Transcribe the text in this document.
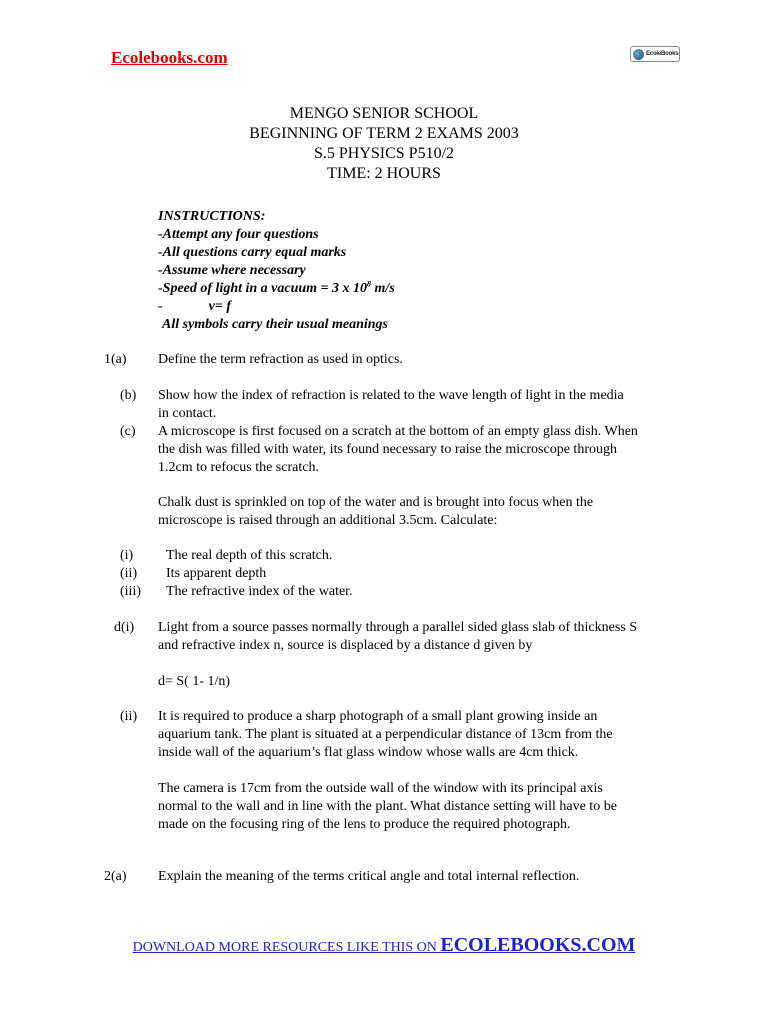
Ecolebooks.com	EcoleBooks
MENGO SENIOR SCHOOL
BEGINNING OF TERM 2 EXAMS 2003
S.5 PHYSICS P510/2
TIME: 2 HOURS
INSTRUCTIONS:
-Attempt any four questions
-All questions carry equal marks
-Assume where necessary
-Speed of light in a vacuum = 3 x $10^8$ m/s
-	v= f
All symbols carry their usual meanings
1(a) Define the term refraction as used in optics.
(b) Show how the index of refraction is related to the wave length of light in the media in contact.
(c) A microscope is first focused on a scratch at the bottom of an empty glass dish. When the dish was filled with water, its found necessary to raise the microscope through 1.2cm to refocus the scratch.
Chalk dust is sprinkled on top of the water and is brought into focus when the microscope is raised through an additional 3.5cm. Calculate:
(i) The real depth of this scratch.
(ii) Its apparent depth
(iii) The refractive index of the water.
d(i) Light from a source passes normally through a parallel sided glass slab of thickness S and refractive index n, source is displaced by a distance d given by
d= S( 1- 1/n)
(ii) It is required to produce a sharp photograph of a small plant growing inside an aquarium tank. The plant is situated at a perpendicular distance of 13cm from the inside wall of the aquarium’s flat glass window whose walls are 4cm thick.
The camera is 17cm from the outside wall of the window with its principal axis normal to the wall and in line with the plant. What distance setting will have to be made on the focusing ring of the lens to produce the required photograph.
2(a) Explain the meaning of the terms critical angle and total internal reflection.
DOWNLOAD MORE RESOURCES LIKE THIS ON ECOLEBOOKS.COM
